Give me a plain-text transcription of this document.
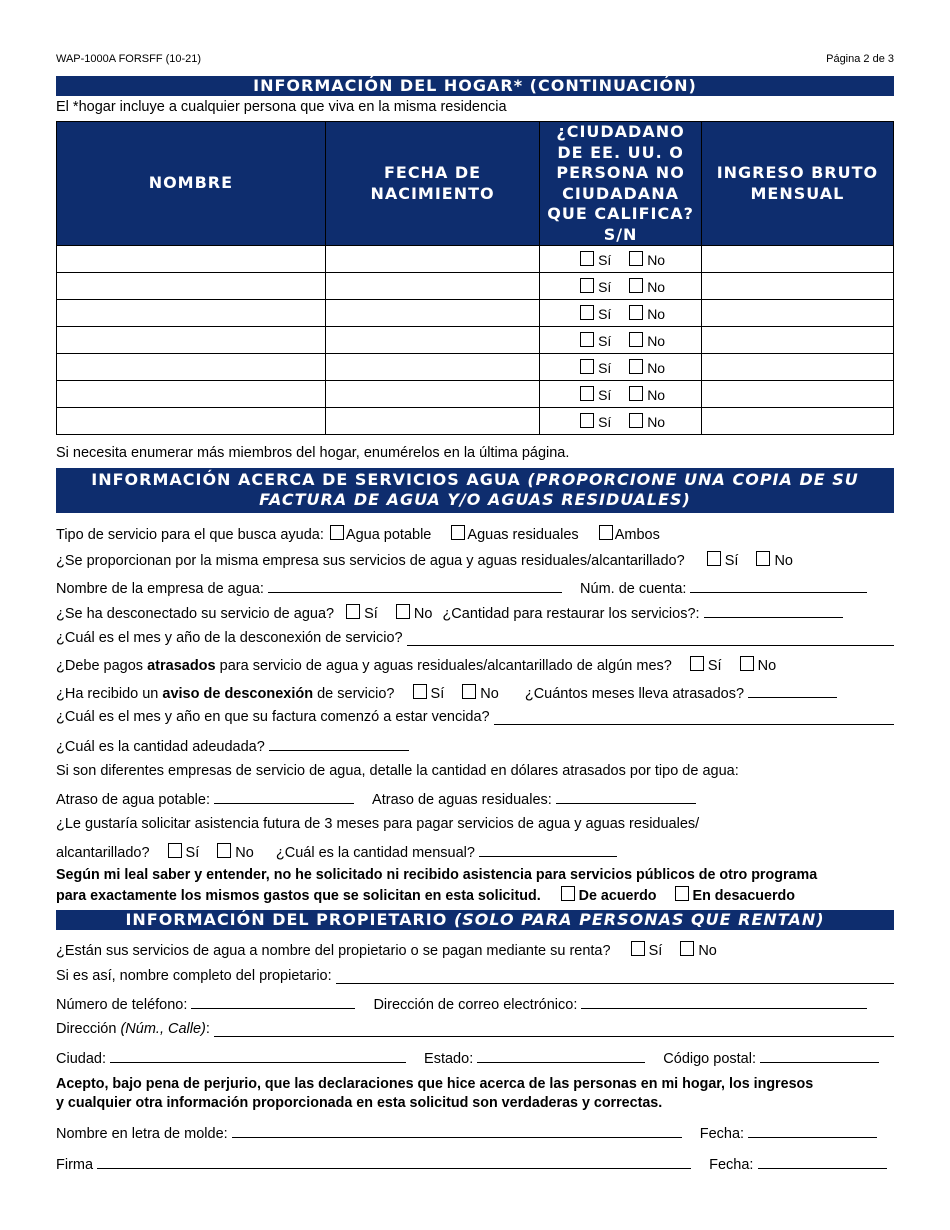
WAP-1000A FORSFF (10-21)	Página 2 de 3
INFORMACIÓN DEL HOGAR* (CONTINUACIÓN)
El *hogar incluye a cualquier persona que viva en la misma residencia
NOMBRE	FECHA DE NACIMIENTO	¿CIUDADANO DE EE. UU. O PERSONA NO CIUDADANA QUE CALIFICA? S/N	INGRESO BRUTO MENSUAL
		Sí No	
		Sí No	
		Sí No	
		Sí No	
		Sí No	
		Sí No	
		Sí No	
Si necesita enumerar más miembros del hogar, enumérelos en la última página.
INFORMACIÓN ACERCA DE SERVICIOS AGUA (PROPORCIONE UNA COPIA DE SU FACTURA DE AGUA Y/O AGUAS RESIDUALES)
Tipo de servicio para el que busca ayuda: Agua potable Aguas residuales Ambos
¿Se proporcionan por la misma empresa sus servicios de agua y aguas residuales/alcantarillado?	Sí No
Nombre de la empresa de agua:	Núm. de cuenta:
¿Se ha desconectado su servicio de agua? Sí No ¿Cantidad para restaurar los servicios?:
¿Cuál es el mes y año de la desconexión de servicio?
¿Debe pagos atrasados para servicio de agua y aguas residuales/alcantarillado de algún mes? Sí No
¿Ha recibido un aviso de desconexión de servicio? Sí No ¿Cuántos meses lleva atrasados?
¿Cuál es el mes y año en que su factura comenzó a estar vencida?
¿Cuál es la cantidad adeudada?
Si son diferentes empresas de servicio de agua, detalle la cantidad en dólares atrasados por tipo de agua:
Atraso de agua potable:	Atraso de aguas residuales:
¿Le gustaría solicitar asistencia futura de 3 meses para pagar servicios de agua y aguas residuales/
alcantarillado? Sí No ¿Cuál es la cantidad mensual?
Según mi leal saber y entender, no he solicitado ni recibido asistencia para servicios públicos de otro programa
para exactamente los mismos gastos que se solicitan en esta solicitud.	De acuerdo	En desacuerdo
INFORMACIÓN DEL PROPIETARIO (SOLO PARA PERSONAS QUE RENTAN)
¿Están sus servicios de agua a nombre del propietario o se pagan mediante su renta?	Sí No
Si es así, nombre completo del propietario:
Número de teléfono:	Dirección de correo electrónico:
Dirección
(Núm., Calle) :
Ciudad:	Estado:	Código postal:
Acepto, bajo pena de perjurio, que las declaraciones que hice acerca de las personas en mi hogar, los ingresos
y cualquier otra información proporcionada en esta solicitud son verdaderas y correctas.
Nombre en letra de molde:	Fecha:
Firma	Fecha:
